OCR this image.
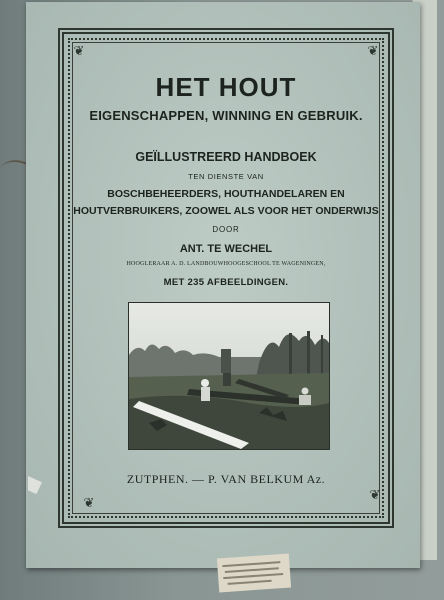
❦	❦
❦
❦
HET HOUT
EIGENSCHAPPEN, WINNING EN GEBRUIK.
GEÏLLUSTREERD HANDBOEK
TEN DIENSTE VAN
BOSCHBEHEERDERS, HOUTHANDELAREN EN
HOUTVERBRUIKERS, ZOOWEL ALS VOOR HET ONDERWIJS
DOOR
ANT. TE WECHEL
HOOGLERAAR A. D. LANDBOUWHOOGESCHOOL TE WAGENINGEN,
MET 235 AFBEELDINGEN.
ZUTPHEN. — P. VAN BELKUM Az.
